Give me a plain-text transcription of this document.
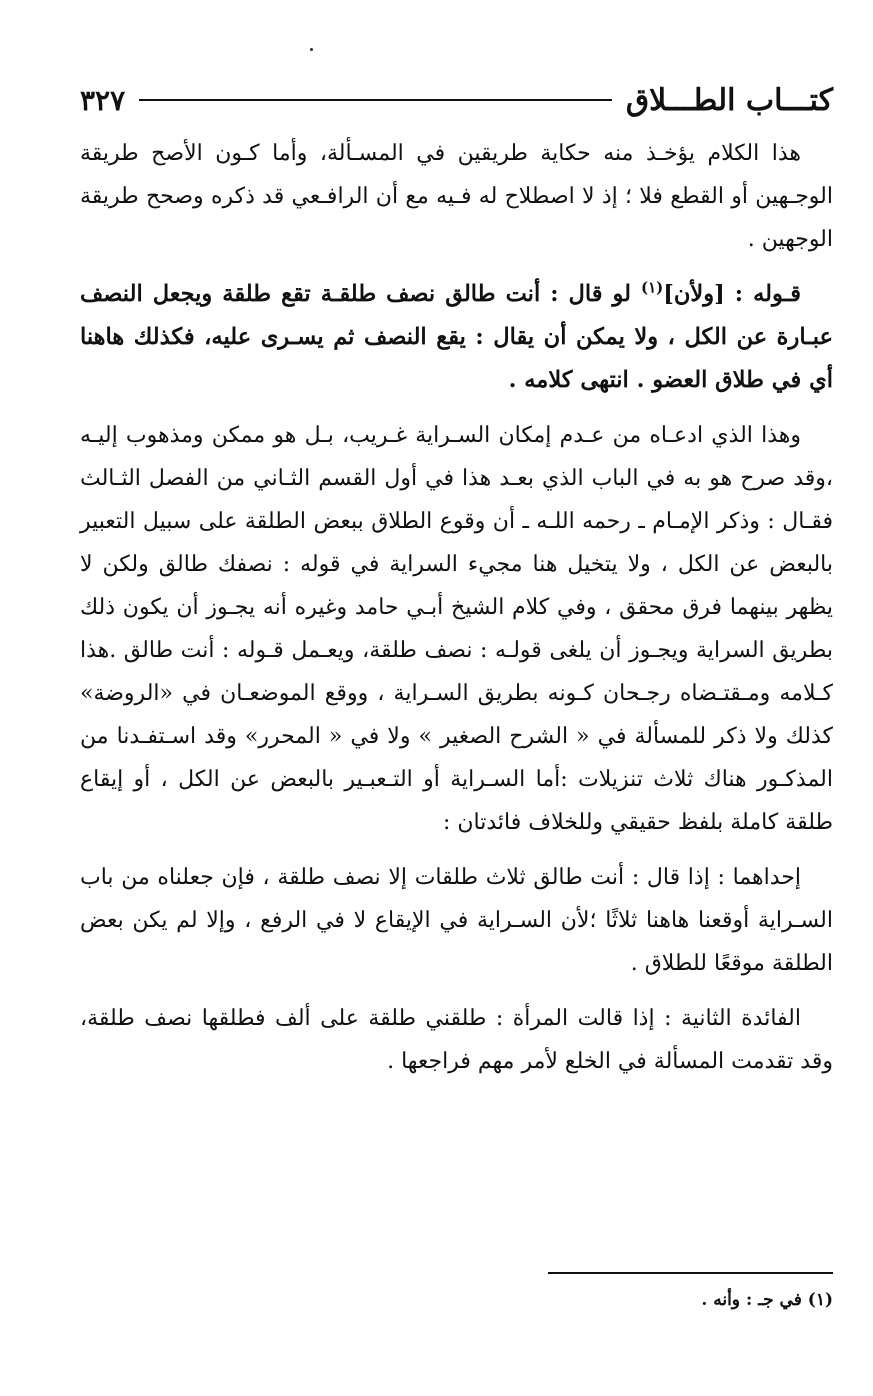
كتـــاب الطـــلاق
٣٢٧

هذا الكلام يؤخـذ منه حكاية طريقين في المسـألة، وأما كـون الأصح طريقة الوجـهين أو القطع فلا ؛ إذ لا اصطلاح له فـيه مع أن الرافـعي قد ذكره وصحح طريقة الوجهين .

قـوله : [ولأن]$^{(١)}$ لو قال : أنت طالق نصف طلقـة تقع طلقة ويجعل النصف عبـارة عن الكل ، ولا يمكن أن يقال : يقع النصف ثم يسـرى عليه، فكذلك هاهنا أي في طلاق العضو . انتهى كلامه .

وهذا الذي ادعـاه من عـدم إمكان السـراية غـريب، بـل هو ممكن ومذهوب إليـه ،وقد صرح هو به في الباب الذي بعـد هذا في أول القسم الثـاني من الفصل الثـالث فقـال : وذكر الإمـام ـ رحمه اللـه ـ أن وقوع الطلاق ببعض الطلقة على سبيل التعبير بالبعض عن الكل ، ولا يتخيل هنا مجيء السراية في قوله : نصفك طالق ولكن لا يظهر بينهما فرق محقق ، وفي كلام الشيخ أبـي حامد وغيره أنه يجـوز أن يكون ذلك بطريق السراية ويجـوز أن يلغى قولـه : نصف طلقة، ويعـمل قـوله : أنت طالق .هذا كـلامه ومـقتـضاه رجـحان كـونه بطريق السـراية ، ووقع الموضعـان في «الروضة» كذلك ولا ذكر للمسألة في « الشرح الصغير » ولا في « المحرر» وقد اسـتفـدنا من المذكـور هناك ثلاث تنزيلات :أما السـراية أو التـعبـير بالبعض عن الكل ، أو إيقاع طلقة كاملة بلفظ حقيقي وللخلاف فائدتان :

إحداهما : إذا قال : أنت طالق ثلاث طلقات إلا نصف طلقة ، فإن جعلناه من باب السـراية أوقعنا هاهنا ثلاثًا ؛لأن السـراية في الإيقاع لا في الرفع ، وإلا لم يكن بعض الطلقة موقعًا للطلاق .

الفائدة الثانية : إذا قالت المرأة : طلقني طلقة على ألف فطلقها نصف طلقة، وقد تقدمت المسألة في الخلع لأمر مهم فراجعها .

(١) في جـ : وأنه .
